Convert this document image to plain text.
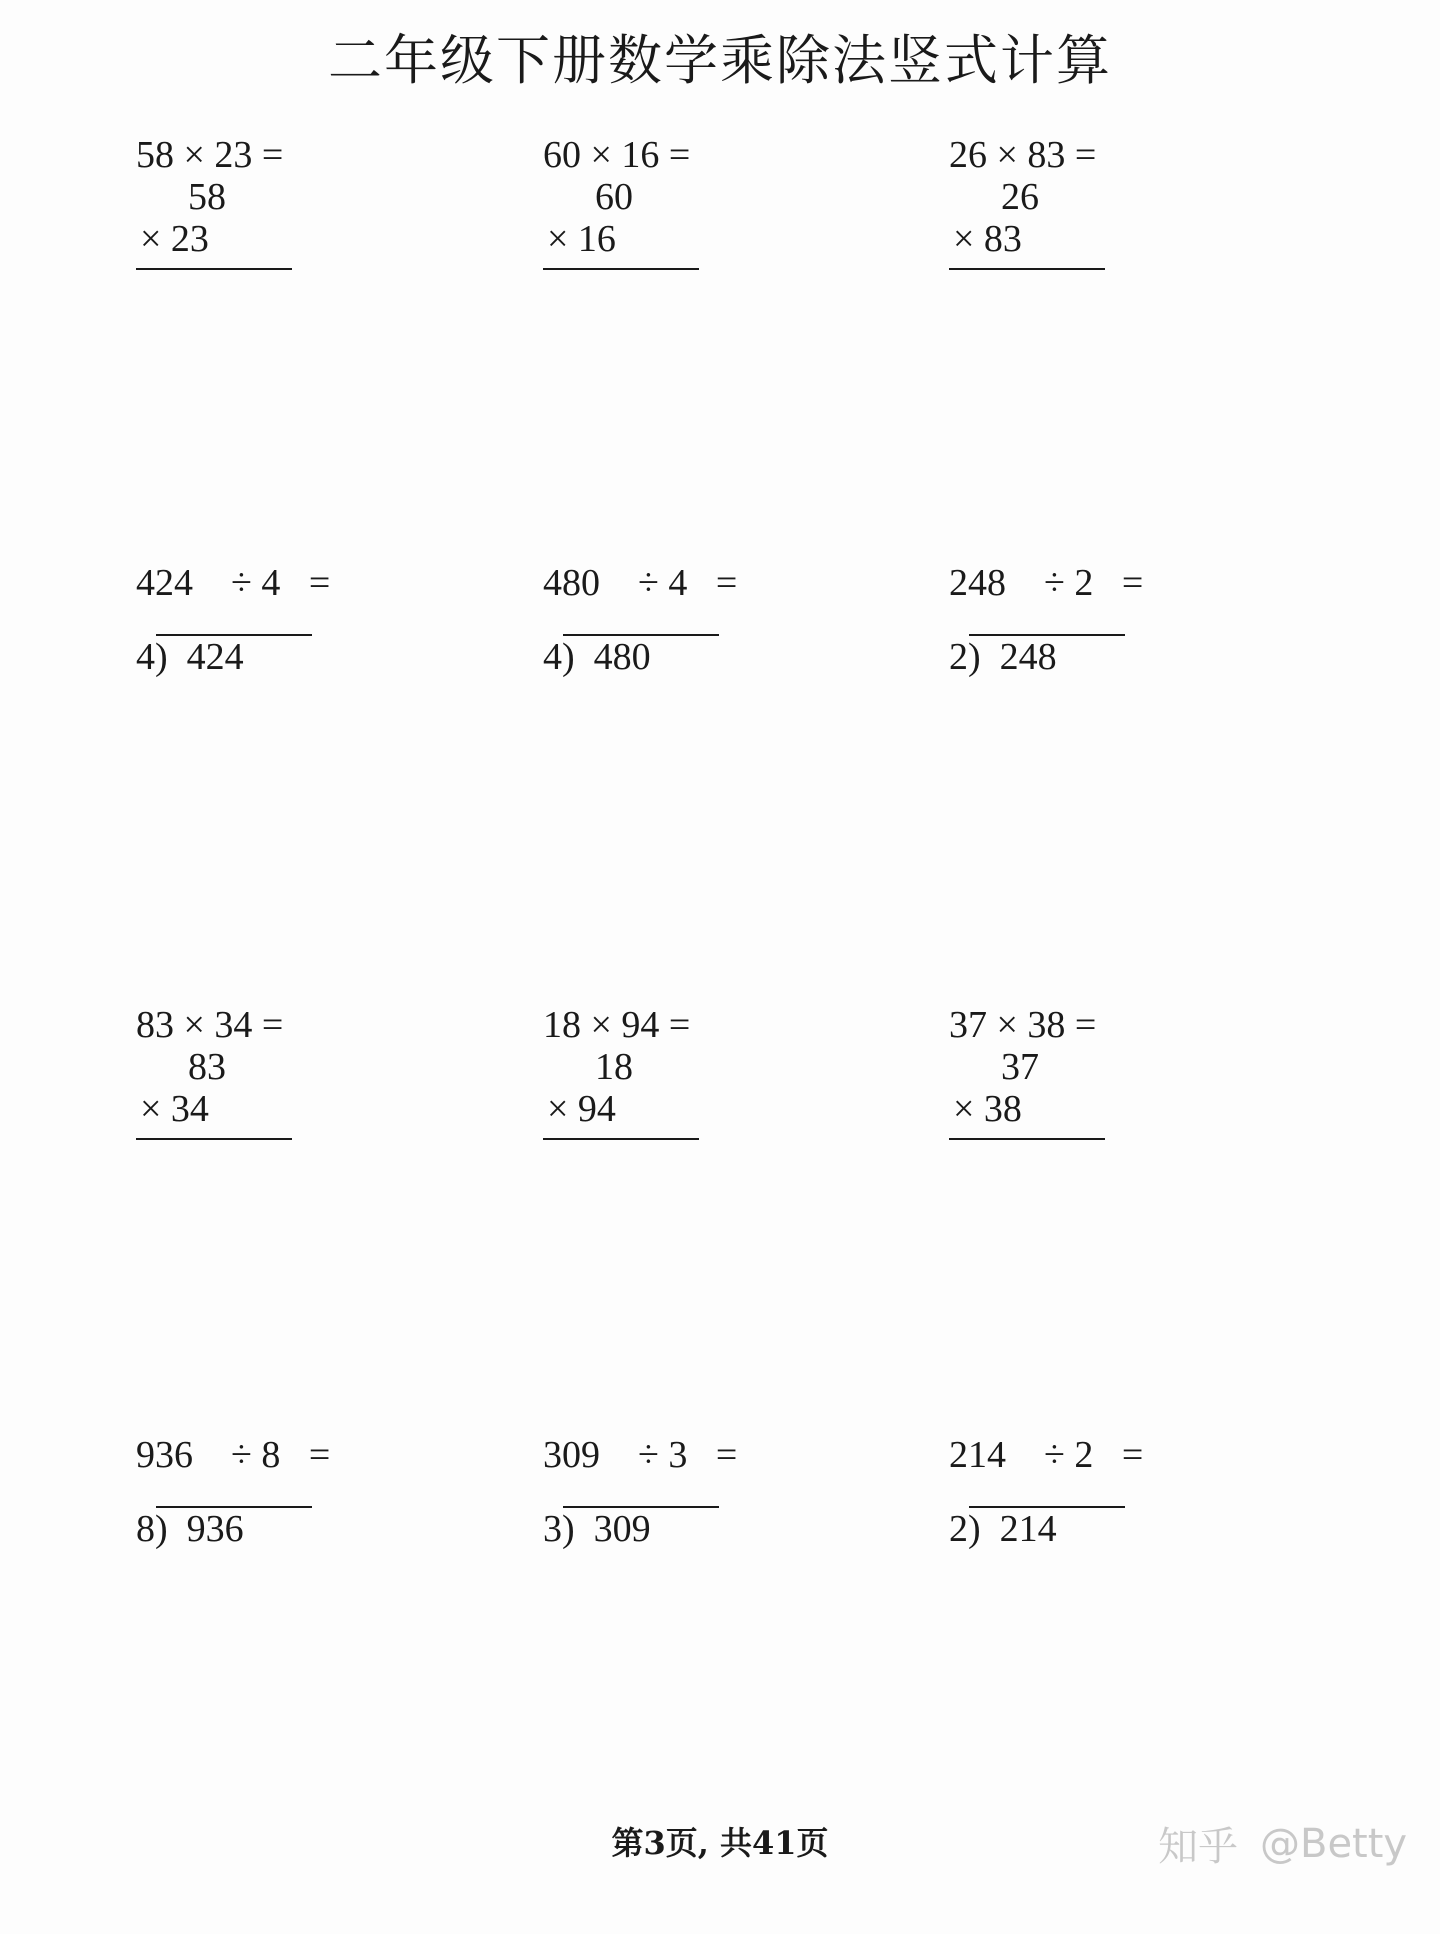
二年级下册数学乘除法竖式计算
58 × 23 =
58
× 23
60 × 16 =
60
× 16
26 × 83 =
26
× 83
424    ÷ 4   =
4)  424
480    ÷ 4   =
4)  480
248    ÷ 2   =
2)  248
83 × 34 =
83
× 34
18 × 94 =
18
× 94
37 × 38 =
37
× 38
936    ÷ 8   =
8)  936
309    ÷ 3   =
3)  309
214    ÷ 2   =
2)  214
第3页, 共41页	知乎 @Betty
